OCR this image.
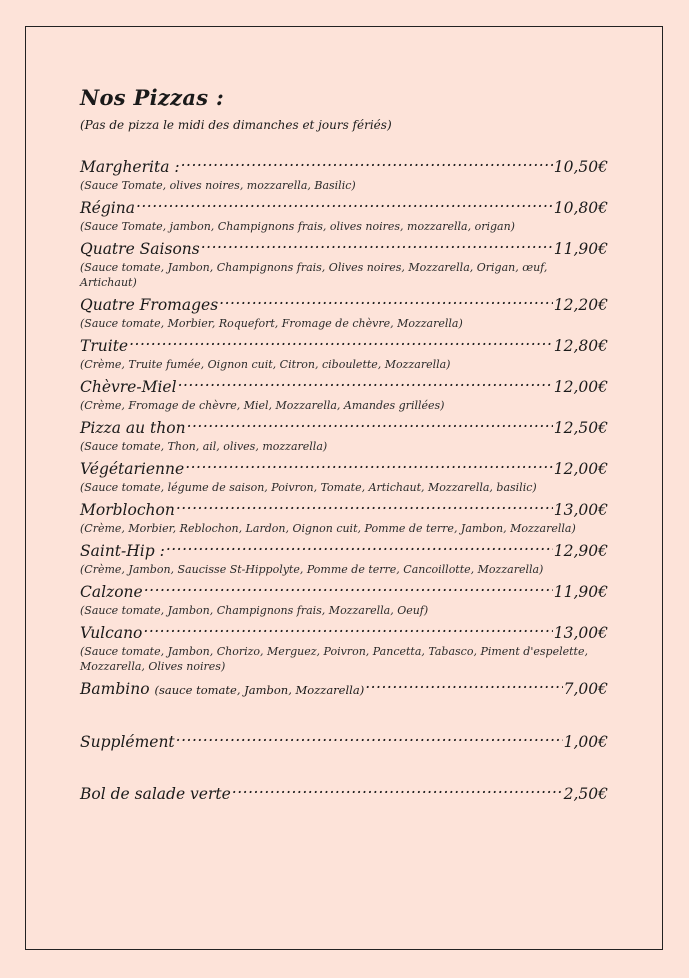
Nos Pizzas :

(Pas de pizza le midi des dimanches et jours fériés)

Margherita : .....	10,50€
(Sauce Tomate, olives noires, mozzarella, Basilic)
Régina .....	10,80€
(Sauce Tomate, jambon, Champignons frais, olives noires, mozzarella, origan)
Quatre Saisons .....	11,90€
(Sauce tomate, Jambon, Champignons frais, Olives noires, Mozzarella, Origan, œuf, Artichaut)
Quatre Fromages .....	12,20€
(Sauce tomate, Morbier, Roquefort, Fromage de chèvre, Mozzarella)
Truite .....	12,80€
(Crème, Truite fumée, Oignon cuit, Citron, ciboulette, Mozzarella)
Chèvre-Miel .....	12,00€
(Crème, Fromage de chèvre, Miel, Mozzarella, Amandes grillées)
Pizza au thon .....	12,50€
(Sauce tomate, Thon, ail, olives, mozzarella)
Végétarienne .....	12,00€
(Sauce tomate, légume de saison, Poivron, Tomate, Artichaut, Mozzarella, basilic)
Morblochon .....	13,00€
(Crème, Morbier, Reblochon, Lardon, Oignon cuit, Pomme de terre, Jambon, Mozzarella)
Saint-Hip : .....	12,90€
(Crème, Jambon, Saucisse St-Hippolyte, Pomme de terre, Cancoillotte, Mozzarella)
Calzone .....	11,90€
(Sauce tomate, Jambon, Champignons frais, Mozzarella, Oeuf)
Vulcano .....	13,00€
(Sauce tomate, Jambon, Chorizo, Merguez, Poivron, Pancetta, Tabasco, Piment d'espelette, Mozzarella, Olives noires)
Bambino (sauce tomate, Jambon, Mozzarella) .....	7,00€
Supplément .....	1,00€
Bol de salade verte .....	2,50€
